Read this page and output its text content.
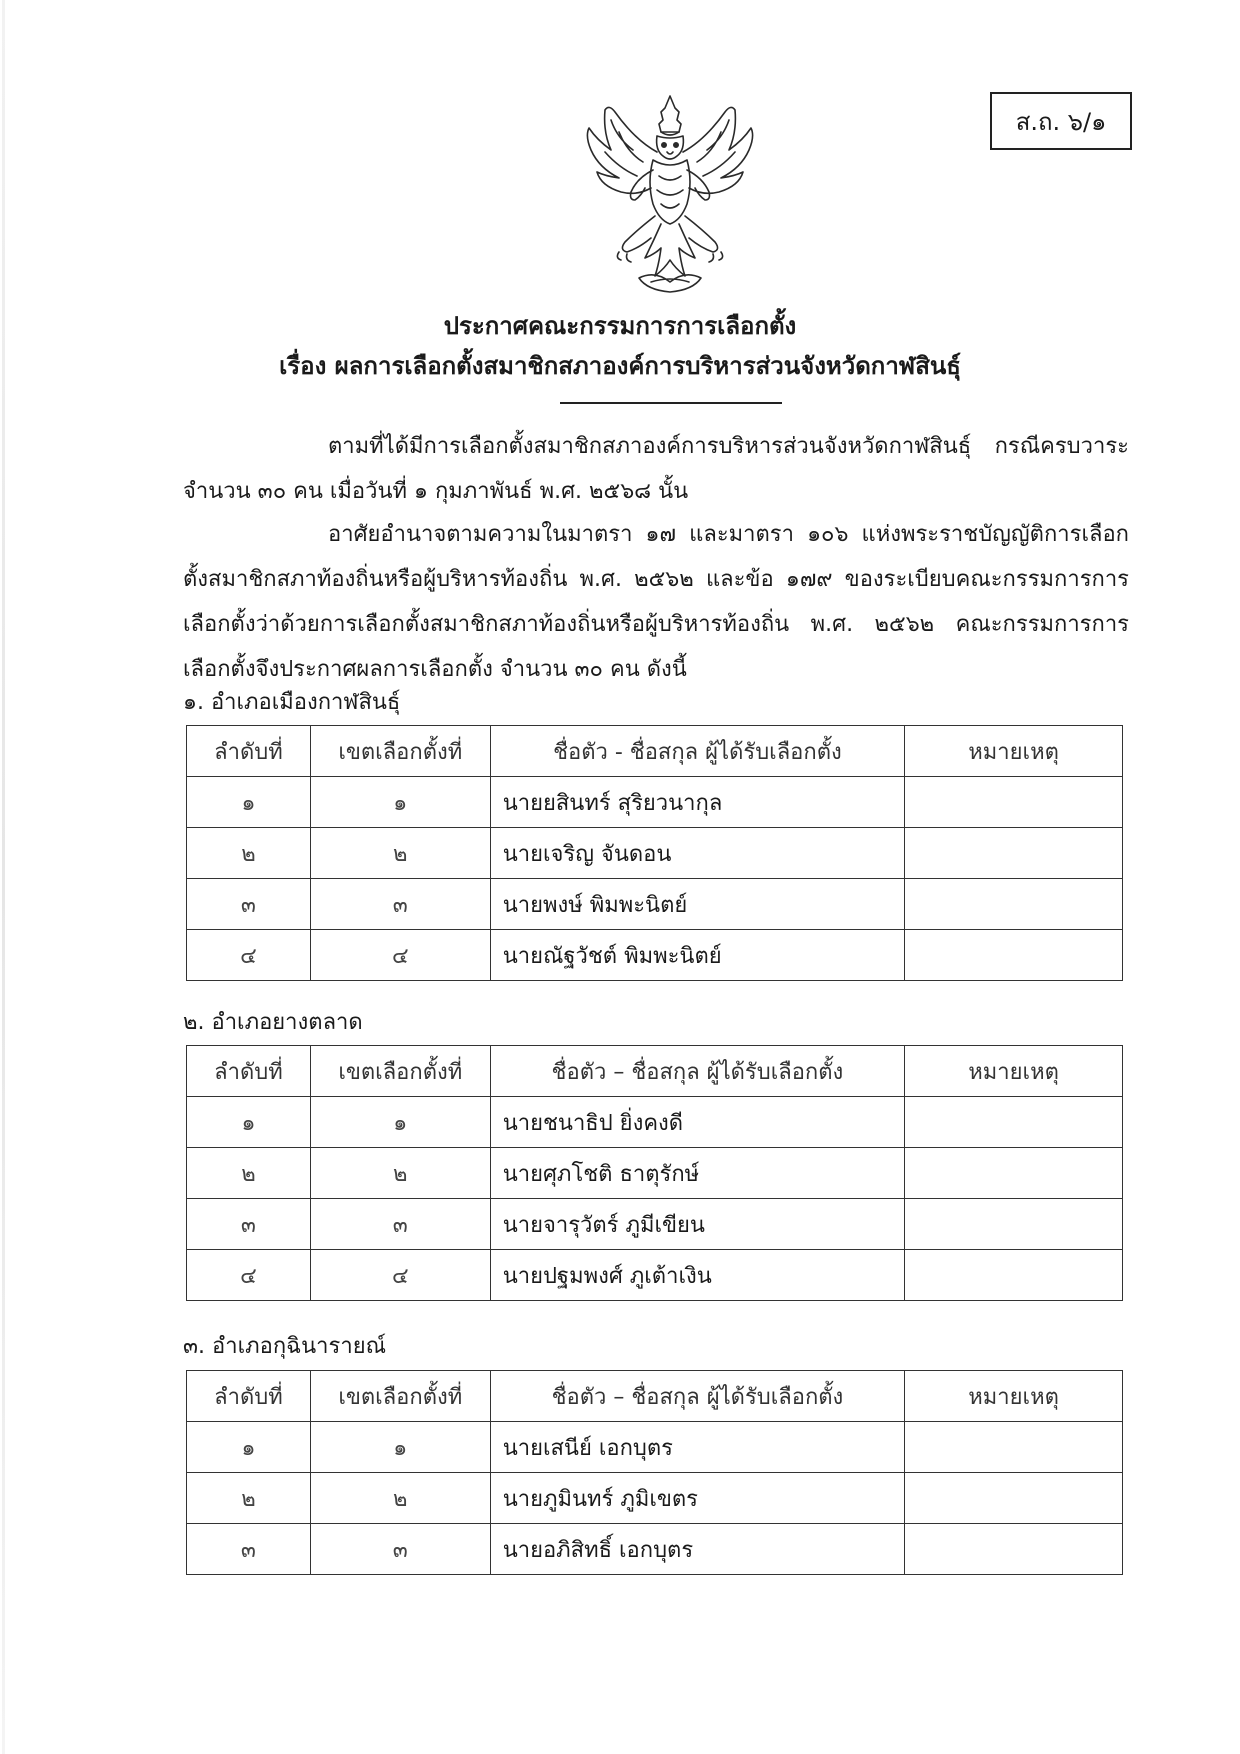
ส.ถ. ๖/๑
ประกาศคณะกรรมการการเลือกตั้ง
เรื่อง ผลการเลือกตั้งสมาชิกสภาองค์การบริหารส่วนจังหวัดกาฬสินธุ์

ตามที่ได้มีการเลือกตั้งสมาชิกสภาองค์การบริหารส่วนจังหวัดกาฬสินธุ์ กรณีครบวาระ จำนวน ๓๐ คน เมื่อวันที่ ๑ กุมภาพันธ์ พ.ศ. ๒๕๖๘ นั้น

อาศัยอำนาจตามความในมาตรา ๑๗ และมาตรา ๑๐๖ แห่งพระราชบัญญัติการเลือกตั้งสมาชิกสภาท้องถิ่นหรือผู้บริหารท้องถิ่น พ.ศ. ๒๕๖๒ และข้อ ๑๗๙ ของระเบียบคณะกรรมการการเลือกตั้งว่าด้วยการเลือกตั้งสมาชิกสภาท้องถิ่นหรือผู้บริหารท้องถิ่น พ.ศ. ๒๕๖๒ คณะกรรมการการเลือกตั้งจึงประกาศผลการเลือกตั้ง จำนวน ๓๐ คน ดังนี้

๑. อำเภอเมืองกาฬสินธุ์
ลำดับที่	เขตเลือกตั้งที่	ชื่อตัว - ชื่อสกุล ผู้ได้รับเลือกตั้ง	หมายเหตุ
๑	๑	นายยสินทร์ สุริยวนากุล	
๒	๒	นายเจริญ จันดอน	
๓	๓	นายพงษ์ พิมพะนิตย์	
๔	๔	นายณัฐวัชต์ พิมพะนิตย์	
๒. อำเภอยางตลาด
ลำดับที่	เขตเลือกตั้งที่	ชื่อตัว – ชื่อสกุล ผู้ได้รับเลือกตั้ง	หมายเหตุ
๑	๑	นายชนาธิป ยิ่งคงดี	
๒	๒	นายศุภโชติ ธาตุรักษ์	
๓	๓	นายจารุวัตร์ ภูมีเขียน	
๔	๔	นายปฐมพงศ์ ภูเต้าเงิน	
๓. อำเภอกุฉินารายณ์
ลำดับที่	เขตเลือกตั้งที่	ชื่อตัว – ชื่อสกุล ผู้ได้รับเลือกตั้ง	หมายเหตุ
๑	๑	นายเสนีย์ เอกบุตร	
๒	๒	นายภูมินทร์ ภูมิเขตร	
๓	๓	นายอภิสิทธิ์ เอกบุตร	
